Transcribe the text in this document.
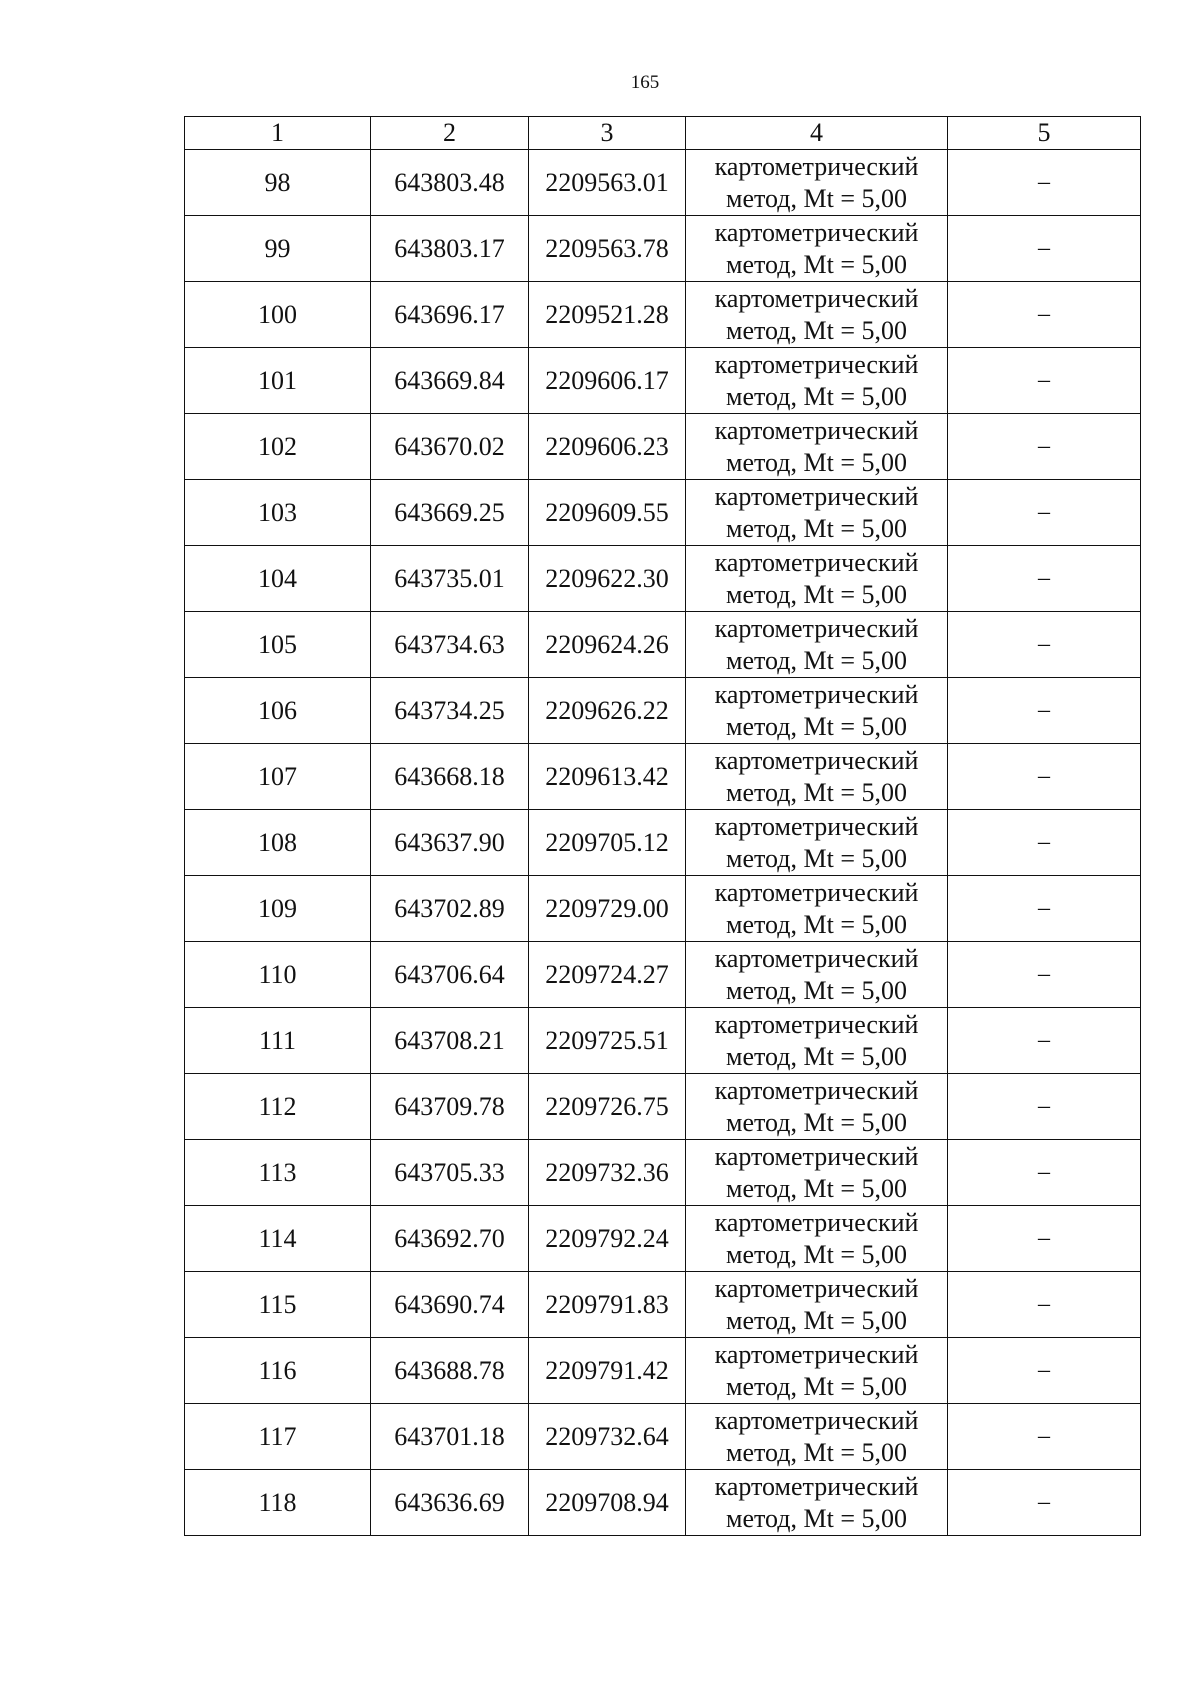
165
1	2	3	4	5
98	643803.48	2209563.01	картометрический
метод, Mt = 5,00	–
99	643803.17	2209563.78	картометрический
метод, Mt = 5,00	–
100	643696.17	2209521.28	картометрический
метод, Mt = 5,00	–
101	643669.84	2209606.17	картометрический
метод, Mt = 5,00	–
102	643670.02	2209606.23	картометрический
метод, Mt = 5,00	–
103	643669.25	2209609.55	картометрический
метод, Mt = 5,00	–
104	643735.01	2209622.30	картометрический
метод, Mt = 5,00	–
105	643734.63	2209624.26	картометрический
метод, Mt = 5,00	–
106	643734.25	2209626.22	картометрический
метод, Mt = 5,00	–
107	643668.18	2209613.42	картометрический
метод, Mt = 5,00	–
108	643637.90	2209705.12	картометрический
метод, Mt = 5,00	–
109	643702.89	2209729.00	картометрический
метод, Mt = 5,00	–
110	643706.64	2209724.27	картометрический
метод, Mt = 5,00	–
111	643708.21	2209725.51	картометрический
метод, Mt = 5,00	–
112	643709.78	2209726.75	картометрический
метод, Mt = 5,00	–
113	643705.33	2209732.36	картометрический
метод, Mt = 5,00	–
114	643692.70	2209792.24	картометрический
метод, Mt = 5,00	–
115	643690.74	2209791.83	картометрический
метод, Mt = 5,00	–
116	643688.78	2209791.42	картометрический
метод, Mt = 5,00	–
117	643701.18	2209732.64	картометрический
метод, Mt = 5,00	–
118	643636.69	2209708.94	картометрический
метод, Mt = 5,00	–
